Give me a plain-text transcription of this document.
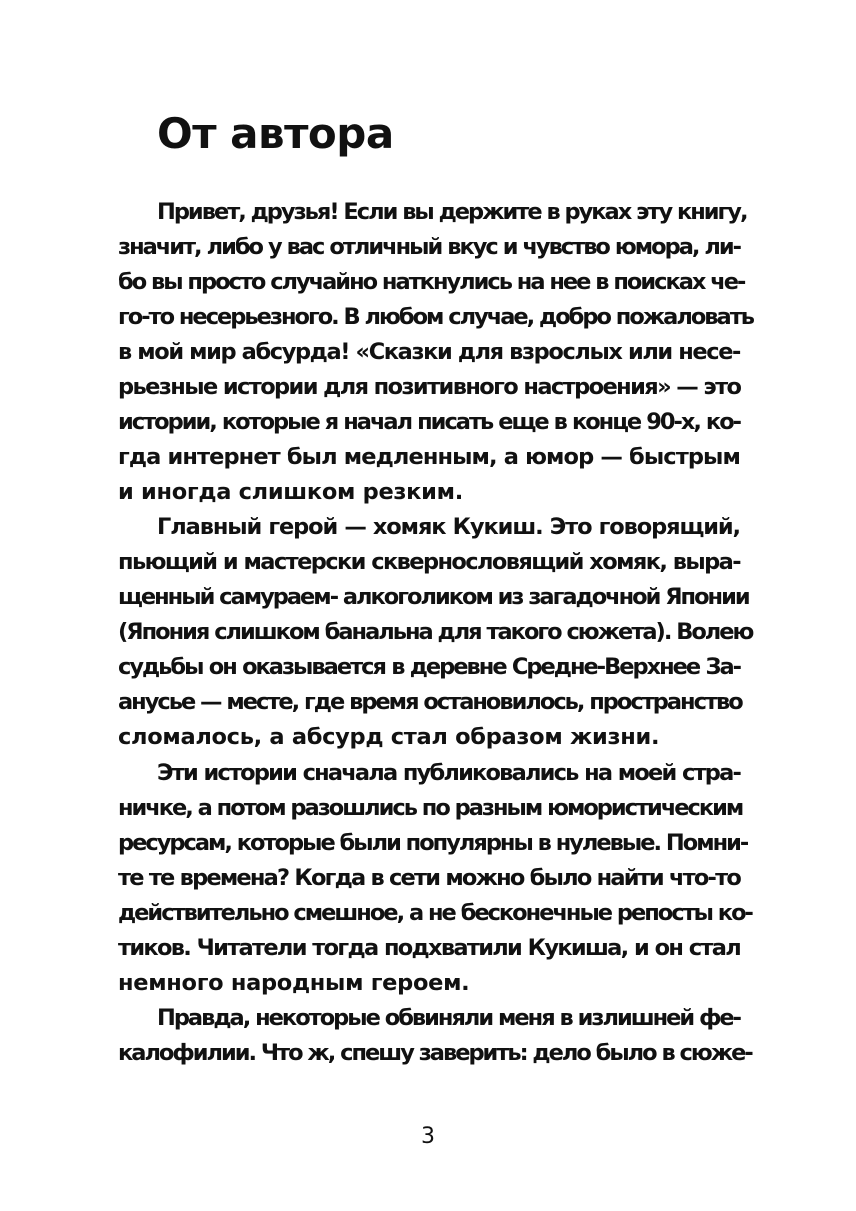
От автора
Привет, друзья! Если вы держите в руках эту книгу,
значит, либо у вас отличный вкус и чувство юмора, ли-
бо вы просто случайно наткнулись на нее в поисках че-
го-то несерьезного. В любом случае, добро пожаловать
в мой мир абсурда! «Сказки для взрослых или несе-
рьезные истории для позитивного настроения» — это
истории, которые я начал писать еще в конце 90-х, ко-
гда интернет был медленным, а юмор — быстрым
и иногда слишком резким.
Главный герой — хомяк Кукиш. Это говорящий,
пьющий и мастерски сквернословящий хомяк, выра-
щенный самураем- алкоголиком из загадочной Японии
(Япония слишком банальна для такого сюжета). Волею
судьбы он оказывается в деревне Средне-Верхнее За-
анусье — месте, где время остановилось, пространство
сломалось, а абсурд стал образом жизни.
Эти истории сначала публиковались на моей стра-
ничке, а потом разошлись по разным юмористическим
ресурсам, которые были популярны в нулевые. Помни-
те те времена? Когда в сети можно было найти что-то
действительно смешное, а не бесконечные репосты ко-
тиков. Читатели тогда подхватили Кукиша, и он стал
немного народным героем.
Правда, некоторые обвиняли меня в излишней фе-
калофилии. Что ж, спешу заверить: дело было в сюже-
3
